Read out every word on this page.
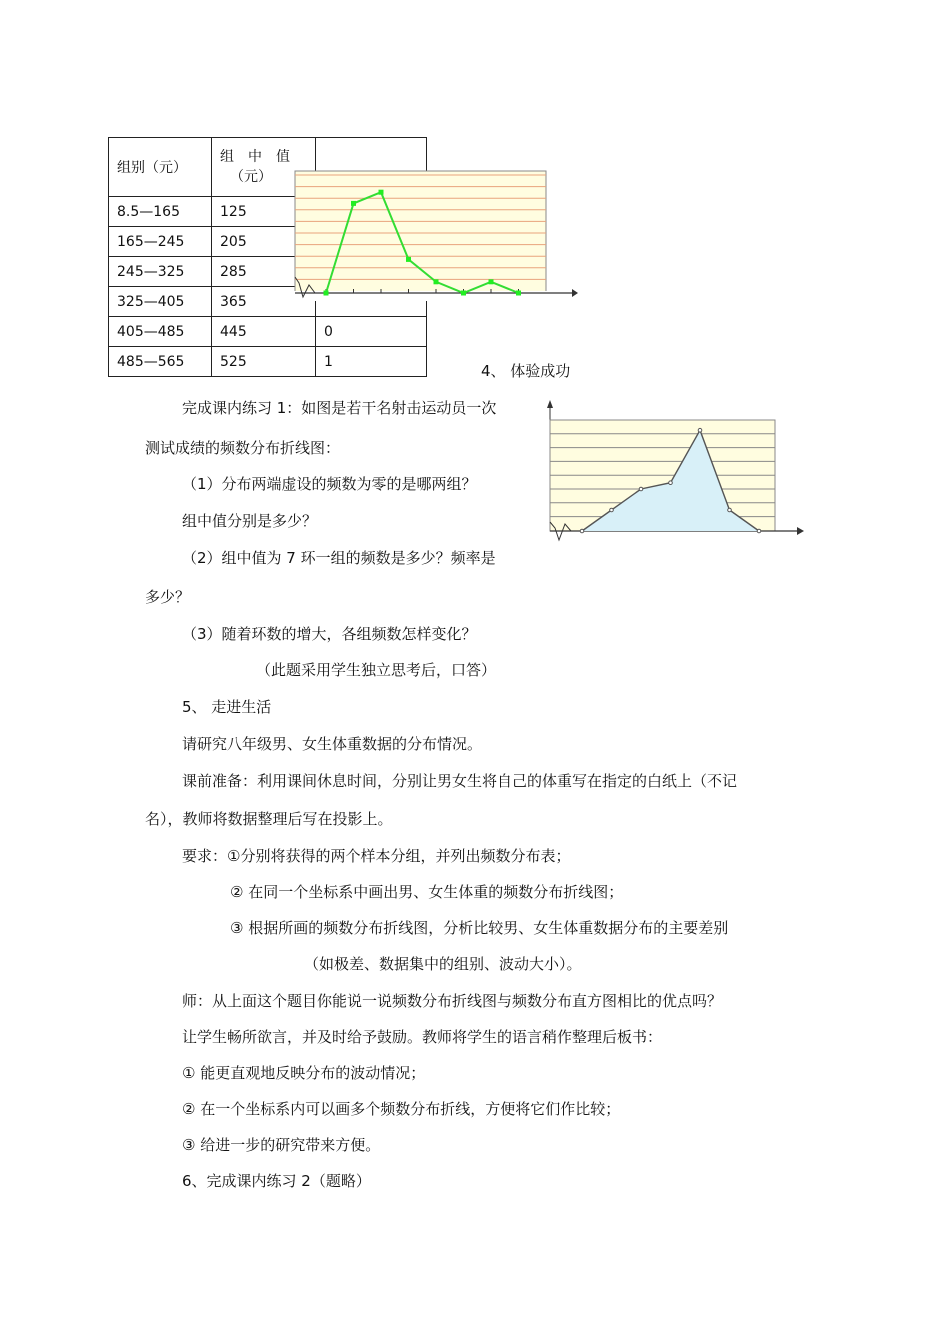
组别（元）	组　中　值
（元）	

8.5—165	125	
165—245	205	
245—325	285	
325—405	365	
405—485	445	0
485—565	525	1
4、 体验成功
完成课内练习 1：如图是若干名射击运动员一次
测试成绩的频数分布折线图：
（1）分布两端虚设的频数为零的是哪两组？
组中值分别是多少？
（2）组中值为 7 环一组的频数是多少？频率是
多少？
（3）随着环数的增大，各组频数怎样变化？
（此题采用学生独立思考后，口答）
5、 走进生活
请研究八年级男、女生体重数据的分布情况。
课前准备：利用课间休息时间，分别让男女生将自己的体重写在指定的白纸上（不记
名），教师将数据整理后写在投影上。
要求：①分别将获得的两个样本分组，并列出频数分布表；
② 在同一个坐标系中画出男、女生体重的频数分布折线图；
③ 根据所画的频数分布折线图，分析比较男、女生体重数据分布的主要差别
（如极差、数据集中的组别、波动大小）。
师：从上面这个题目你能说一说频数分布折线图与频数分布直方图相比的优点吗？
让学生畅所欲言，并及时给予鼓励。教师将学生的语言稍作整理后板书：
① 能更直观地反映分布的波动情况；
② 在一个坐标系内可以画多个频数分布折线，方便将它们作比较；
③ 给进一步的研究带来方便。
6、完成课内练习 2（题略）
